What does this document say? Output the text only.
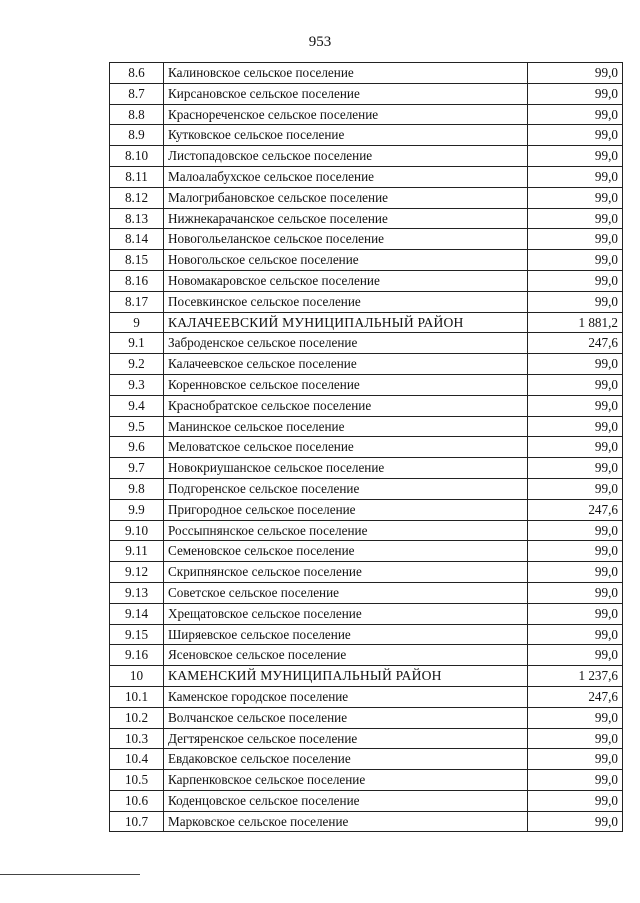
953
8.6	Калиновское сельское поселение	99,0
8.7	Кирсановское сельское поселение	99,0
8.8	Краснореченское сельское поселение	99,0
8.9	Кутковское сельское поселение	99,0
8.10	Листопадовское сельское поселение	99,0
8.11	Малоалабухское сельское поселение	99,0
8.12	Малогрибановское сельское поселение	99,0
8.13	Нижнекарачанское сельское поселение	99,0
8.14	Новогольеланское сельское поселение	99,0
8.15	Новогольское сельское поселение	99,0
8.16	Новомакаровское сельское поселение	99,0
8.17	Посевкинское сельское поселение	99,0
9	КАЛАЧЕЕВСКИЙ МУНИЦИПАЛЬНЫЙ РАЙОН	1 881,2
9.1	Заброденское сельское поселение	247,6
9.2	Калачеевское сельское поселение	99,0
9.3	Коренновское сельское поселение	99,0
9.4	Краснобратское сельское поселение	99,0
9.5	Манинское сельское поселение	99,0
9.6	Меловатское сельское поселение	99,0
9.7	Новокриушанское сельское поселение	99,0
9.8	Подгоренское сельское поселение	99,0
9.9	Пригородное сельское поселение	247,6
9.10	Россыпнянское сельское поселение	99,0
9.11	Семеновское сельское поселение	99,0
9.12	Скрипнянское сельское поселение	99,0
9.13	Советское сельское поселение	99,0
9.14	Хрещатовское сельское поселение	99,0
9.15	Ширяевское сельское поселение	99,0
9.16	Ясеновское сельское поселение	99,0
10	КАМЕНСКИЙ МУНИЦИПАЛЬНЫЙ РАЙОН	1 237,6
10.1	Каменское городское поселение	247,6
10.2	Волчанское сельское поселение	99,0
10.3	Дегтяренское сельское поселение	99,0
10.4	Евдаковское сельское поселение	99,0
10.5	Карпенковское сельское поселение	99,0
10.6	Коденцовское сельское поселение	99,0
10.7	Марковское сельское поселение	99,0
